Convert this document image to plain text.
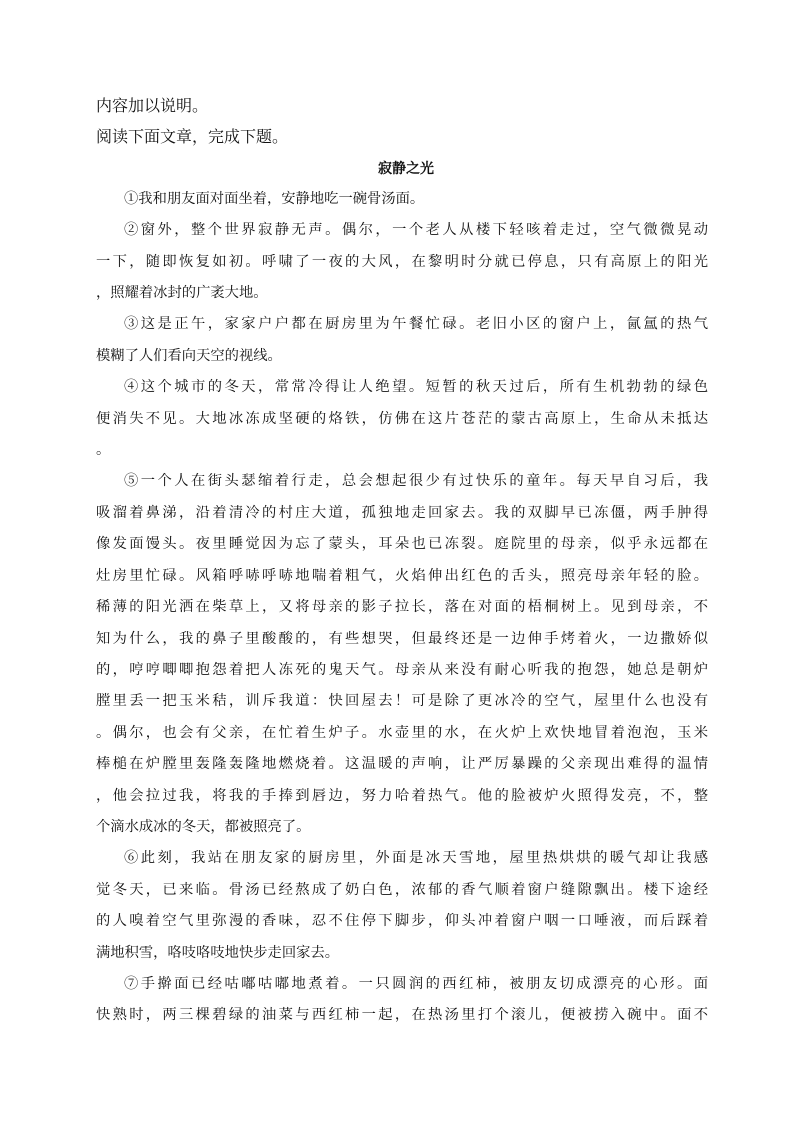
内容加以说明。
阅读下面文章，完成下题。
寂静之光
①我和朋友面对面坐着，安静地吃一碗骨汤面。
②窗外，整个世界寂静无声。偶尔，一个老人从楼下轻咳着走过，空气微微晃动
一下，随即恢复如初。呼啸了一夜的大风，在黎明时分就已停息，只有高原上的阳光
，照耀着冰封的广袤大地。
③这是正午，家家户户都在厨房里为午餐忙碌。老旧小区的窗户上，氤氲的热气
模糊了人们看向天空的视线。
④这个城市的冬天，常常冷得让人绝望。短暂的秋天过后，所有生机勃勃的绿色
便消失不见。大地冰冻成坚硬的烙铁，仿佛在这片苍茫的蒙古高原上，生命从未抵达
。
⑤一个人在街头瑟缩着行走，总会想起很少有过快乐的童年。每天早自习后，我
吸溜着鼻涕，沿着清冷的村庄大道，孤独地走回家去。我的双脚早已冻僵，两手肿得
像发面馒头。夜里睡觉因为忘了蒙头，耳朵也已冻裂。庭院里的母亲，似乎永远都在
灶房里忙碌。风箱呼哧呼哧地喘着粗气，火焰伸出红色的舌头，照亮母亲年轻的脸。
稀薄的阳光洒在柴草上，又将母亲的影子拉长，落在对面的梧桐树上。见到母亲，不
知为什么，我的鼻子里酸酸的，有些想哭，但最终还是一边伸手烤着火，一边撒娇似
的，哼哼唧唧抱怨着把人冻死的鬼天气。母亲从来没有耐心听我的抱怨，她总是朝炉
膛里丢一把玉米秸，训斥我道：快回屋去！可是除了更冰冷的空气，屋里什么也没有
。偶尔，也会有父亲，在忙着生炉子。水壶里的水，在火炉上欢快地冒着泡泡，玉米
棒槌在炉膛里轰隆轰隆地燃烧着。这温暖的声响，让严厉暴躁的父亲现出难得的温情
，他会拉过我，将我的手捧到唇边，努力哈着热气。他的脸被炉火照得发亮，不，整
个滴水成冰的冬天，都被照亮了。
⑥此刻，我站在朋友家的厨房里，外面是冰天雪地，屋里热烘烘的暖气却让我感
觉冬天，已来临。骨汤已经熬成了奶白色，浓郁的香气顺着窗户缝隙飘出。楼下途经
的人嗅着空气里弥漫的香味，忍不住停下脚步，仰头冲着窗户咽一口唾液，而后踩着
满地积雪，咯吱咯吱地快步走回家去。
⑦手擀面已经咕嘟咕嘟地煮着。一只圆润的西红柿，被朋友切成漂亮的心形。面
快熟时，两三棵碧绿的油菜与西红柿一起，在热汤里打个滚儿，便被捞入碗中。面不
